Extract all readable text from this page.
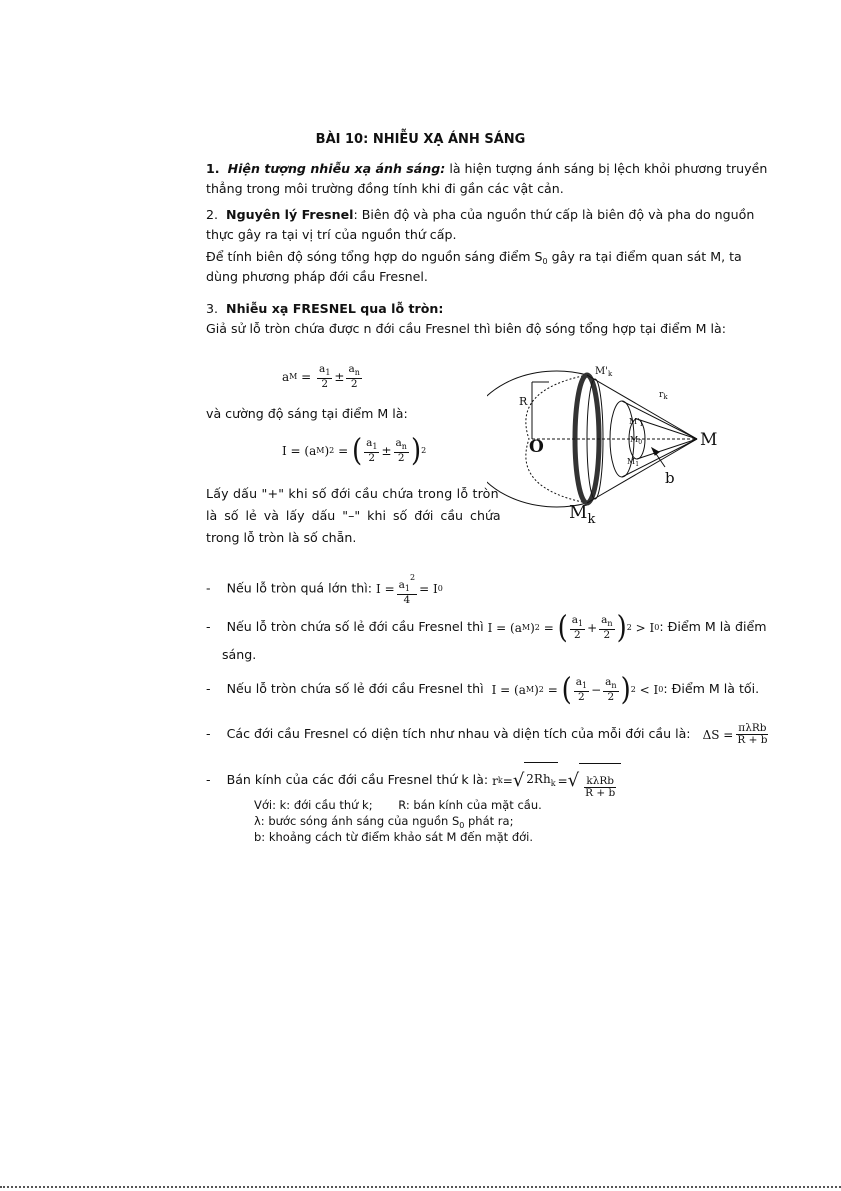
BÀI 10: NHIỄU XẠ ÁNH SÁNG
1. Hiện tượng nhiễu xạ ánh sáng: là hiện tượng ánh sáng bị lệch khỏi phương truyền
thẳng trong môi trường đồng tính khi đi gần các vật cản.
2. Nguyên lý Fresnel: Biên độ và pha của nguồn thứ cấp là biên độ và pha do nguồn
thực gây ra tại vị trí của nguồn thứ cấp.
Để tính biên độ sóng tổng hợp do nguồn sáng điểm $S_0$ gây ra tại điểm quan sát M, ta
dùng phương pháp đới cầu Fresnel.
3. Nhiễu xạ FRESNEL qua lỗ tròn:
Giả sử lỗ tròn chứa được n đới cầu Fresnel thì biên độ sóng tổng hợp tại điểm M là:
a $M = \frac{a_1}{2} \pm \frac{a_n}{2}$
và cường độ sáng tại điểm M là:
I = (a M ) 2 = ( $\frac{a_1}{2} \pm \frac{a_n}{2}$ ) 2
Lấy dấu "+" khi số đới cầu chứa trong lỗ tròn
là số lẻ và lấy dấu "–" khi số đới cầu chứa
trong lỗ tròn là số chẵn.
$M'_k$
$r_k$
R
$M'_1$
$M_0$
$M_1$
O	M
b
$M_k$
- Nếu lỗ tròn quá lớn thì: $I = \frac{a_1^2}{4} = I$ 0
- Nếu lỗ tròn chứa số lẻ đới cầu Fresnel thì I = (a M ) 2 = ( $\frac{a_1}{2} + \frac{a_n}{2}$ ) 2 > I 0 : Điểm M là điểm
sáng.
- Nếu lỗ tròn chứa số lẻ đới cầu Fresnel thì I = (a M ) 2 = ( $\frac{a_1}{2} - \frac{a_n}{2}$ ) 2 < I 0 : Điểm M là tối.
- Các đới cầu Fresnel có diện tích như nhau và diện tích của mỗi đới cầu là: $\Delta S = \frac{\text{πλRb}}{R + b}$
- Bán kính của các đới cầu Fresnel thứ k là: r k = √ $2Rh_k$ = √ $\frac{\text{kλRb}}{R + b}$
Với: k: đới cầu thứ k; R: bán kính của mặt cầu.
λ: bước sóng ánh sáng của nguồn $S_0$ phát ra;
b: khoảng cách từ điểm khảo sát M đến mặt đới.
